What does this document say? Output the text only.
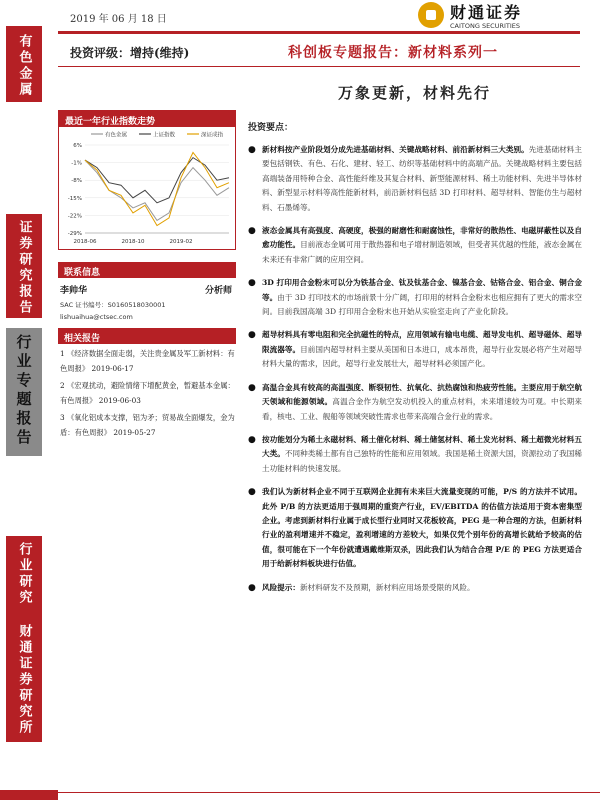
2019 年 06 月 18 日	财通证券
CAITONG SECURITIES
有色金属
证券研究报告
行业专题报告
行业研究
财通证券研究所
投资评级：增持(维持)	科创板专题报告：新材料系列一
万象更新，材料先行
最近一年行业指数走势
有色金属	上证指数	深证成指
6%
-1%
-8%
-15%
-22%
-29%
2018-06	2018-10	2019-02
联系信息
李帅华	分析师
SAC 证书编号：S0160518030001
lishuaihua@ctsec.com
相关报告
1 《经济数据全面走弱，关注贵金属及军工新材料：有色周报》 2019-06-17
2 《宏观扰动，避险情绪下增配黄金，暂避基本金属：有色周报》 2019-06-03
3 《氧化铝成本支撑，铝为矛；贸易战全面爆发，金为盾：有色周报》 2019-05-27
投资要点：
● 新材料按产业阶段划分成先进基础材料、关键战略材料、前沿新材料三大类别。先进基础材料主要包括钢铁、有色、石化、建材、轻工、纺织等基础材料中的高端产品。关键战略材料主要包括高端装备用特种合金、高性能纤维及其复合材料、新型能源材料、稀土功能材料、先进半导体材料、新型显示材料等高性能新材料，前沿新材料包括 3D 打印材料、超导材料、智能仿生与超材料、石墨烯等。
● 液态金属具有高强度、高硬度，极强的耐磨性和耐腐蚀性，非常好的散热性、电磁屏蔽性以及自愈功能性。目前液态金属可用于散热器和电子增材制造领域，但受者其优越的性能，液态金属在未来还有非常广阔的应用空间。
● 3D 打印用合金粉末可以分为铁基合金、钛及钛基合金、镍基合金、钴铬合金、铝合金、铜合金等。由于 3D 打印技术的市场前景十分广阔，打印用的材料合金粉末也相应拥有了更大的需求空间。目前我国高端 3D 打印用合金粉末也开始从实验室走向了产业化阶段。
● 超导材料具有零电阻和完全抗磁性的特点，应用领域有输电电缆、超导发电机、超导磁体、超导限流器等。目前国内超导材料主要从美国和日本进口，成本昂贵，超导行业发展必将产生对超导材料大量的需求，因此，超导行业发展壮大，超导材料必须国产化。
● 高温合金具有较高的高温强度、断裂韧性、抗氧化、抗热腐蚀和热疲劳性能。主要应用于航空航天领域和能源领域。高温合金作为航空发动机投入的重点材料，未来增速较为可观。中长期来看，核电、工业、舰船等领域突破性需求也带来高端合金行业的需求。
● 按功能划分为稀土永磁材料、稀土催化材料、稀土储氢材料、稀土发光材料、稀土超微光材料五大类。不同种类稀土都有自己独特的性能和应用领域。我国是稀土资源大国，资源拉动了我国稀土功能材料的快速发展。
● 我们认为新材料企业不同于互联网企业拥有未来巨大流量变现的可能，P/S 的方法并不试用。此外 P/B 的方法更适用于强周期的重资产行业，EV/EBITDA 的估值方法适用于资本密集型企业。考虑到新材料行业属于成长型行业同时又花板较高，PEG 是一种合理的方法，但新材料行业的盈利增速并不稳定，盈利增速的方差较大，如果仅凭个别年份的高增长就给予较高的估值，很可能在下一个年份就遭遇戴维斯双杀，因此我们认为结合合理 P/E 的 PEG 方法更适合用于给新材料板块进行估值。
● 风险提示：新材料研发不及预期，新材料应用场景受限的风险。
